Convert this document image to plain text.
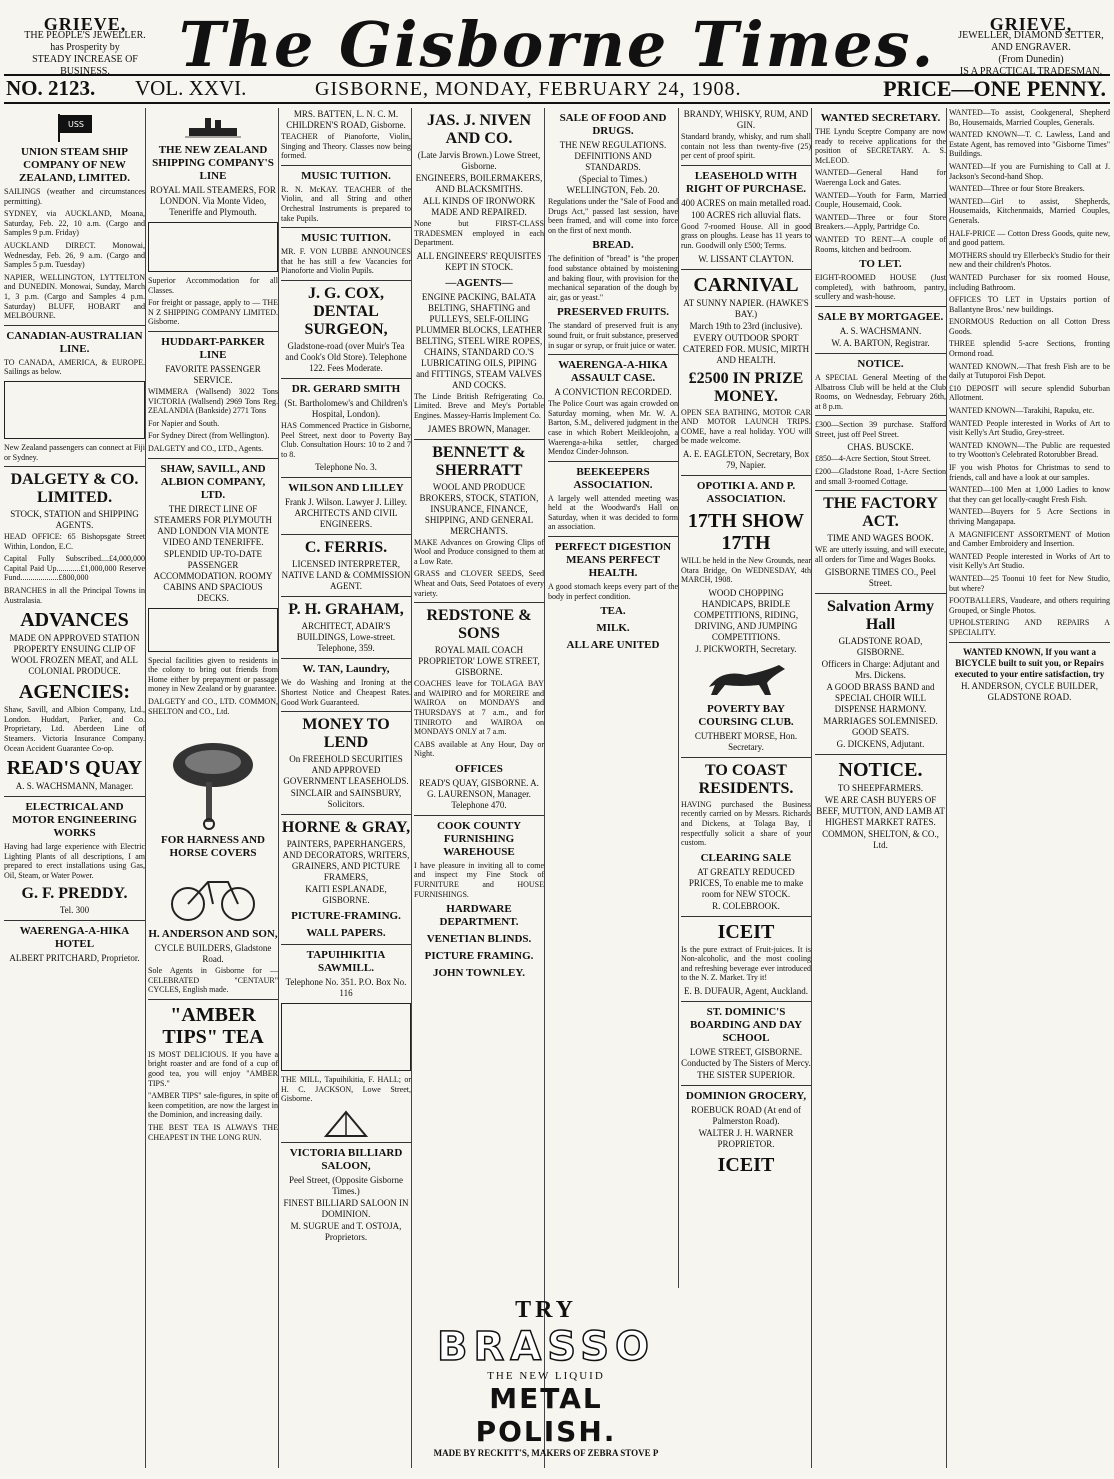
GRIEVE,
THE PEOPLE'S JEWELLER.
has Prosperity by
STEADY INCREASE OF BUSINESS.	The Gisborne Times.	GRIEVE,
JEWELLER, DIAMOND SETTER,
AND ENGRAVER.
(From Dunedin)
IS A PRACTICAL TRADESMAN.
NO. 2123. VOL. XXVI.	GISBORNE, MONDAY, FEBRUARY 24, 1908.	PRICE—ONE PENNY.
USS
UNION STEAM SHIP COMPANY OF NEW ZEALAND, LIMITED.

SAILINGS (weather and circumstances permitting).

SYDNEY, via AUCKLAND, Moana, Saturday, Feb. 22, 10 a.m. (Cargo and Samples 9 p.m. Friday)

AUCKLAND DIRECT. Monowai, Wednesday, Feb. 26, 9 a.m. (Cargo and Samples 5 p.m. Tuesday)

NAPIER, WELLINGTON, LYTTELTON and DUNEDIN. Monowai, Sunday, March 1, 3 p.m. (Cargo and Samples 4 p.m. Saturday) BLUFF, HOBART and MELBOURNE.

CANADIAN-AUSTRALIAN LINE.

TO CANADA, AMERICA, & EUROPE. Sailings as below.

New Zealand passengers can connect at Fiji or Sydney.

DALGETY & CO. LIMITED.

STOCK, STATION and SHIPPING AGENTS.

HEAD OFFICE: 65 Bishopsgate Street Within, London, E.C.

Capital Fully Subscribed....£4,000,000 Capital Paid Up............£1,000,000 Reserve Fund...................£800,000

BRANCHES in all the Principal Towns in Australasia.

ADVANCES

MADE ON APPROVED STATION PROPERTY ENSUING CLIP OF WOOL FROZEN MEAT, and ALL COLONIAL PRODUCE.

AGENCIES:

Shaw, Savill, and Albion Company, Ltd., London. Huddart, Parker, and Co. Proprietary, Ltd. Aberdeen Line of Steamers. Victoria Insurance Company. Ocean Accident Guarantee Co-op.

READ'S QUAY

A. S. WACHSMANN, Manager.

ELECTRICAL AND MOTOR ENGINEERING WORKS

Having had large experience with Electric Lighting Plants of all descriptions, I am prepared to erect installations using Gas, Oil, Steam, or Water Power.

G. F. PREDDY.

Tel. 300

WAERENGA-A-HIKA HOTEL

ALBERT PRITCHARD, Proprietor.

THE NEW ZEALAND SHIPPING COMPANY'S LINE

ROYAL MAIL STEAMERS, FOR LONDON. Via Monte Video, Teneriffe and Plymouth.

Superior Accommodation for all Classes.

For freight or passage, apply to — THE N Z SHIPPING COMPANY LIMITED. Gisborne.

HUDDART-PARKER LINE

FAVORITE PASSENGER SERVICE.

WIMMERA (Wallsend) 3022 Tons VICTORIA (Wallsend) 2969 Tons Reg. ZEALANDIA (Bankside) 2771 Tons

For Napier and South.

For Sydney Direct (from Wellington).

DALGETY and CO., LTD., Agents.

SHAW, SAVILL, AND ALBION COMPANY, LTD.

THE DIRECT LINE OF STEAMERS FOR PLYMOUTH AND LONDON VIA MONTE VIDEO AND TENERIFFE.

SPLENDID UP-TO-DATE PASSENGER ACCOMMODATION. ROOMY CABINS AND SPACIOUS DECKS.

Special facilities given to residents in the colony to bring out friends from Home either by prepayment or passage money in New Zealand or by guarantee.

DALGETY and CO., LTD. COMMON, SHELTON and CO., Ltd.

FOR HARNESS AND HORSE COVERS
H. ANDERSON AND SON,

CYCLE BUILDERS, Gladstone Road.

Sole Agents in Gisborne for — CELEBRATED "CENTAUR" CYCLES, English made.

"AMBER TIPS" TEA

IS MOST DELICIOUS. If you have a bright roaster and are fond of a cup of good tea, you will enjoy "AMBER TIPS."

"AMBER TIPS" sale-figures, in spite of keen competition, are now the largest in the Dominion, and increasing daily.

THE BEST TEA IS ALWAYS THE CHEAPEST IN THE LONG RUN.

MRS. BATTEN, L. N. C. M. CHILDREN'S ROAD, Gisborne.

TEACHER of Pianoforte, Violin, Singing and Theory. Classes now being formed.

MUSIC TUITION.

R. N. McKAY. TEACHER of the Violin, and all String and other Orchestral Instruments is prepared to take Pupils.

MUSIC TUITION.

MR. F. VON LUBBE ANNOUNCES that he has still a few Vacancies for Pianoforte and Violin Pupils.

J. G. COX, DENTAL SURGEON,

Gladstone-road (over Muir's Tea and Cook's Old Store). Telephone 122. Fees Moderate.

DR. GERARD SMITH

(St. Bartholomew's and Children's Hospital, London).

HAS Commenced Practice in Gisborne, Peel Street, next door to Poverty Bay Club. Consultation Hours: 10 to 2 and 7 to 8.

Telephone No. 3.

WILSON AND LILLEY

Frank J. Wilson. Lawyer J. Lilley. ARCHITECTS AND CIVIL ENGINEERS.

C. FERRIS.

LICENSED INTERPRETER, NATIVE LAND & COMMISSION AGENT.

P. H. GRAHAM,

ARCHITECT, ADAIR'S BUILDINGS, Lowe-street. Telephone, 359.

W. TAN, Laundry,

We do Washing and Ironing at the Shortest Notice and Cheapest Rates. Good Work Guaranteed.

MONEY TO LEND

On FREEHOLD SECURITIES AND APPROVED GOVERNMENT LEASEHOLDS.

SINCLAIR and SAINSBURY, Solicitors.

HORNE & GRAY,

PAINTERS, PAPERHANGERS, AND DECORATORS, WRITERS, GRAINERS, AND PICTURE FRAMERS,

KAITI ESPLANADE, GISBORNE.

PICTURE-FRAMING.
WALL PAPERS.
TAPUIHIKITIA SAWMILL.

Telephone No. 351. P.O. Box No. 116

THE MILL, Tapuihikitia, F. HALL; or H. C. JACKSON, Lowe Street, Gisborne.

VICTORIA BILLIARD SALOON,

Peel Street, (Opposite Gisborne Times.)

FINEST BILLIARD SALOON IN DOMINION.

M. SUGRUE and T. OSTOJA, Proprietors.

JAS. J. NIVEN AND CO.

(Late Jarvis Brown.) Lowe Street, Gisborne.

ENGINEERS, BOILERMAKERS, AND BLACKSMITHS.

ALL KINDS OF IRONWORK MADE AND REPAIRED.

None but FIRST-CLASS TRADESMEN employed in each Department.

ALL ENGINEERS' REQUISITES KEPT IN STOCK.

—AGENTS—

ENGINE PACKING, BALATA BELTING, SHAFTING and PULLEYS, SELF-OILING PLUMMER BLOCKS, LEATHER BELTING, STEEL WIRE ROPES, CHAINS, STANDARD CO.'S LUBRICATING OILS, PIPING and FITTINGS, STEAM VALVES AND COCKS.

The Linde British Refrigerating Co. Limited. Breve and Mey's Portable Engines. Massey-Harris Implement Co.

JAMES BROWN, Manager.

BENNETT & SHERRATT

WOOL AND PRODUCE BROKERS, STOCK, STATION, INSURANCE, FINANCE, SHIPPING, AND GENERAL MERCHANTS.

MAKE Advances on Growing Clips of Wool and Produce consigned to them at a Low Rate.

GRASS and CLOVER SEEDS, Seed Wheat and Oats, Seed Potatoes of every variety.

REDSTONE & SONS

ROYAL MAIL COACH PROPRIETOR' LOWE STREET, GISBORNE.

COACHES leave for TOLAGA BAY and WAIPIRO and for MOREIRE and WAIROA on MONDAYS and THURSDAYS at 7 a.m., and for TINIROTO and WAIROA on MONDAYS ONLY at 7 a.m.

CABS available at Any Hour, Day or Night.

OFFICES

READ'S QUAY, GISBORNE. A. G. LAURENSON, Manager. Telephone 470.

COOK COUNTY FURNISHING WAREHOUSE

I have pleasure in inviting all to come and inspect my Fine Stock of FURNITURE and HOUSE FURNISHINGS.

HARDWARE DEPARTMENT.
VENETIAN BLINDS.
PICTURE FRAMING.
JOHN TOWNLEY.
SALE OF FOOD AND DRUGS.

THE NEW REGULATIONS. DEFINITIONS AND STANDARDS.

(Special to Times.) WELLINGTON, Feb. 20.

Regulations under the "Sale of Food and Drugs Act," passed last session, have been framed, and will come into force on the first of next month.

BREAD.

The definition of "bread" is "the proper food substance obtained by moistening and baking flour, with provision for the mechanical separation of the dough by air, gas or yeast."

PRESERVED FRUITS.

The standard of preserved fruit is any sound fruit, or fruit substance, preserved in sugar or syrup, or fruit juice or water.

WAERENGA-A-HIKA ASSAULT CASE.

A CONVICTION RECORDED.

The Police Court was again crowded on Saturday morning, when Mr. W. A. Barton, S.M., delivered judgment in the case in which Robert Meikleojohn, a Waerenga-a-hika settler, charged Mendoz Cinder-Johnson.

BEEKEEPERS ASSOCIATION.

A largely well attended meeting was held at the Woodward's Hall on Saturday, when it was decided to form an association.

PERFECT DIGESTION MEANS PERFECT HEALTH.

A good stomach keeps every part of the body in perfect condition.

TEA.
MILK.
ALL ARE UNITED

BRANDY, WHISKY, RUM, AND GIN.

Standard brandy, whisky, and rum shall contain not less than twenty-five (25) per cent of proof spirit.

LEASEHOLD WITH RIGHT OF PURCHASE.

400 ACRES on main metalled road.

100 ACRES rich alluvial flats.

Good 7-roomed House. All in good grass on ploughs. Lease has 11 years to run. Goodwill only £500; Terms.

W. LISSANT CLAYTON.

CARNIVAL

AT SUNNY NAPIER. (HAWKE'S BAY.)

March 19th to 23rd (inclusive).

EVERY OUTDOOR SPORT CATERED FOR. MUSIC, MIRTH AND HEALTH.

£2500 IN PRIZE MONEY.

OPEN SEA BATHING, MOTOR CAR AND MOTOR LAUNCH TRIPS. COME, have a real holiday. YOU will be made welcome.

A. E. EAGLETON, Secretary, Box 79, Napier.

OPOTIKI A. AND P. ASSOCIATION.
17TH SHOW 17TH

WILL be held in the New Grounds, near Otara Bridge, On WEDNESDAY, 4th MARCH, 1908.

WOOD CHOPPING HANDICAPS, BRIDLE COMPETITIONS, RIDING, DRIVING, AND JUMPING COMPETITIONS.

J. PICKWORTH, Secretary.

POVERTY BAY COURSING CLUB.

CUTHBERT MORSE, Hon. Secretary.

TO COAST RESIDENTS.

HAVING purchased the Business recently carried on by Messrs. Richards and Dickens, at Tolaga Bay, I respectfully solicit a share of your custom.

CLEARING SALE

AT GREATLY REDUCED PRICES, To enable me to make room for NEW STOCK.

R. COLEBROOK.

ICEIT

Is the pure extract of Fruit-juices. It is Non-alcoholic, and the most cooling and refreshing beverage ever introduced to the N. Z. Market. Try it!

E. B. DUFAUR, Agent, Auckland.

ST. DOMINIC'S BOARDING AND DAY SCHOOL

LOWE STREET, GISBORNE. Conducted by The Sisters of Mercy.

THE SISTER SUPERIOR.

DOMINION GROCERY,

ROEBUCK ROAD (At end of Palmerston Road).

WALTER J. H. WARNER PROPRIETOR.

ICEIT
WANTED SECRETARY.

THE Lyndu Sceptre Company are now ready to receive applications for the position of SECRETARY. A. S. McLEOD.

WANTED—General Hand for Waerenga Lock and Gates.

WANTED—Youth for Farm, Married Couple, Housemaid, Cook.

WANTED—Three or four Store Breakers.—Apply, Partridge Co.

WANTED TO RENT—A couple of Rooms, kitchen and bedroom.

TO LET.

EIGHT-ROOMED HOUSE (Just completed), with bathroom, pantry, scullery and wash-house.

SALE BY MORTGAGEE.

A. S. WACHSMANN.

W. A. BARTON, Registrar.

NOTICE.

A SPECIAL General Meeting of the Albatross Club will be held at the Club Rooms, on Wednesday, February 26th, at 8 p.m.

£300—Section 39 purchase. Stafford Street, just off Peel Street.

CHAS. BUSCKE.

£850—4-Acre Section, Stout Street.

£200—Gladstone Road, 1-Acre Section and small 3-roomed Cottage.

THE FACTORY ACT.

TIME AND WAGES BOOK.

WE are utterly issuing, and will execute, all orders for Time and Wages Books.

GISBORNE TIMES CO., Peel Street.

Salvation Army Hall

GLADSTONE ROAD, GISBORNE.

Officers in Charge: Adjutant and Mrs. Dickens.

A GOOD BRASS BAND and SPECIAL CHOIR WILL DISPENSE HARMONY.

MARRIAGES SOLEMNISED. GOOD SEATS.

G. DICKENS, Adjutant.

NOTICE.

TO SHEEPFARMERS.

WE ARE CASH BUYERS OF BEEF, MUTTON, AND LAMB AT HIGHEST MARKET RATES.

COMMON, SHELTON, & CO., Ltd.

WANTED—To assist, Cookgeneral, Shepherd Bo, Housemaids, Married Couples, Generals.

WANTED KNOWN—T. C. Lawless, Land and Estate Agent, has removed into "Gisborne Times" Buildings.

WANTED—If you are Furnishing to Call at J. Jackson's Second-hand Shop.

WANTED—Three or four Store Breakers.

WANTED—Girl to assist, Shepherds, Housemaids, Kitchenmaids, Married Couples, Generals.

HALF-PRICE — Cotton Dress Goods, quite new, and good pattern.

MOTHERS should try Ellerbeck's Studio for their new and their children's Photos.

WANTED Purchaser for six roomed House, including Bathroom.

OFFICES TO LET in Upstairs portion of Ballantyne Bros.' new buildings.

ENORMOUS Reduction on all Cotton Dress Goods.

THREE splendid 5-acre Sections, fronting Ormond road.

WANTED KNOWN.—That fresh Fish are to be daily at Tutuporoi Fish Depot.

£10 DEPOSIT will secure splendid Suburban Allotment.

WANTED KNOWN—Tarakihi, Rapuku, etc.

WANTED People interested in Works of Art to visit Kelly's Art Studio, Grey-street.

WANTED KNOWN—The Public are requested to try Wootton's Celebrated Rotorubber Bread.

IF you wish Photos for Christmas to send to friends, call and have a look at our samples.

WANTED—100 Men at 1,000 Ladies to know that they can get locally-caught Fresh Fish.

WANTED—Buyers for 5 Acre Sections in thriving Mangapapa.

A MAGNIFICENT ASSORTMENT of Motion and Camber Embroidery and Insertion.

WANTED People interested in Works of Art to visit Kelly's Art Studio.

WANTED—25 Toonui 10 feet for New Studio, but where?

FOOTBALLERS, Vaudeare, and others requiring Grouped, or Single Photos.

UPHOLSTERING AND REPAIRS A SPECIALITY.

WANTED KNOWN, If you want a BICYCLE built to suit you, or Repairs executed to your entire satisfaction, try

H. ANDERSON, CYCLE BUILDER, GLADSTONE ROAD.

TRY
BRASSO
THE NEW LIQUID
METAL POLISH.
MADE BY RECKITT'S, MAKERS OF ZEBRA STOVE P
